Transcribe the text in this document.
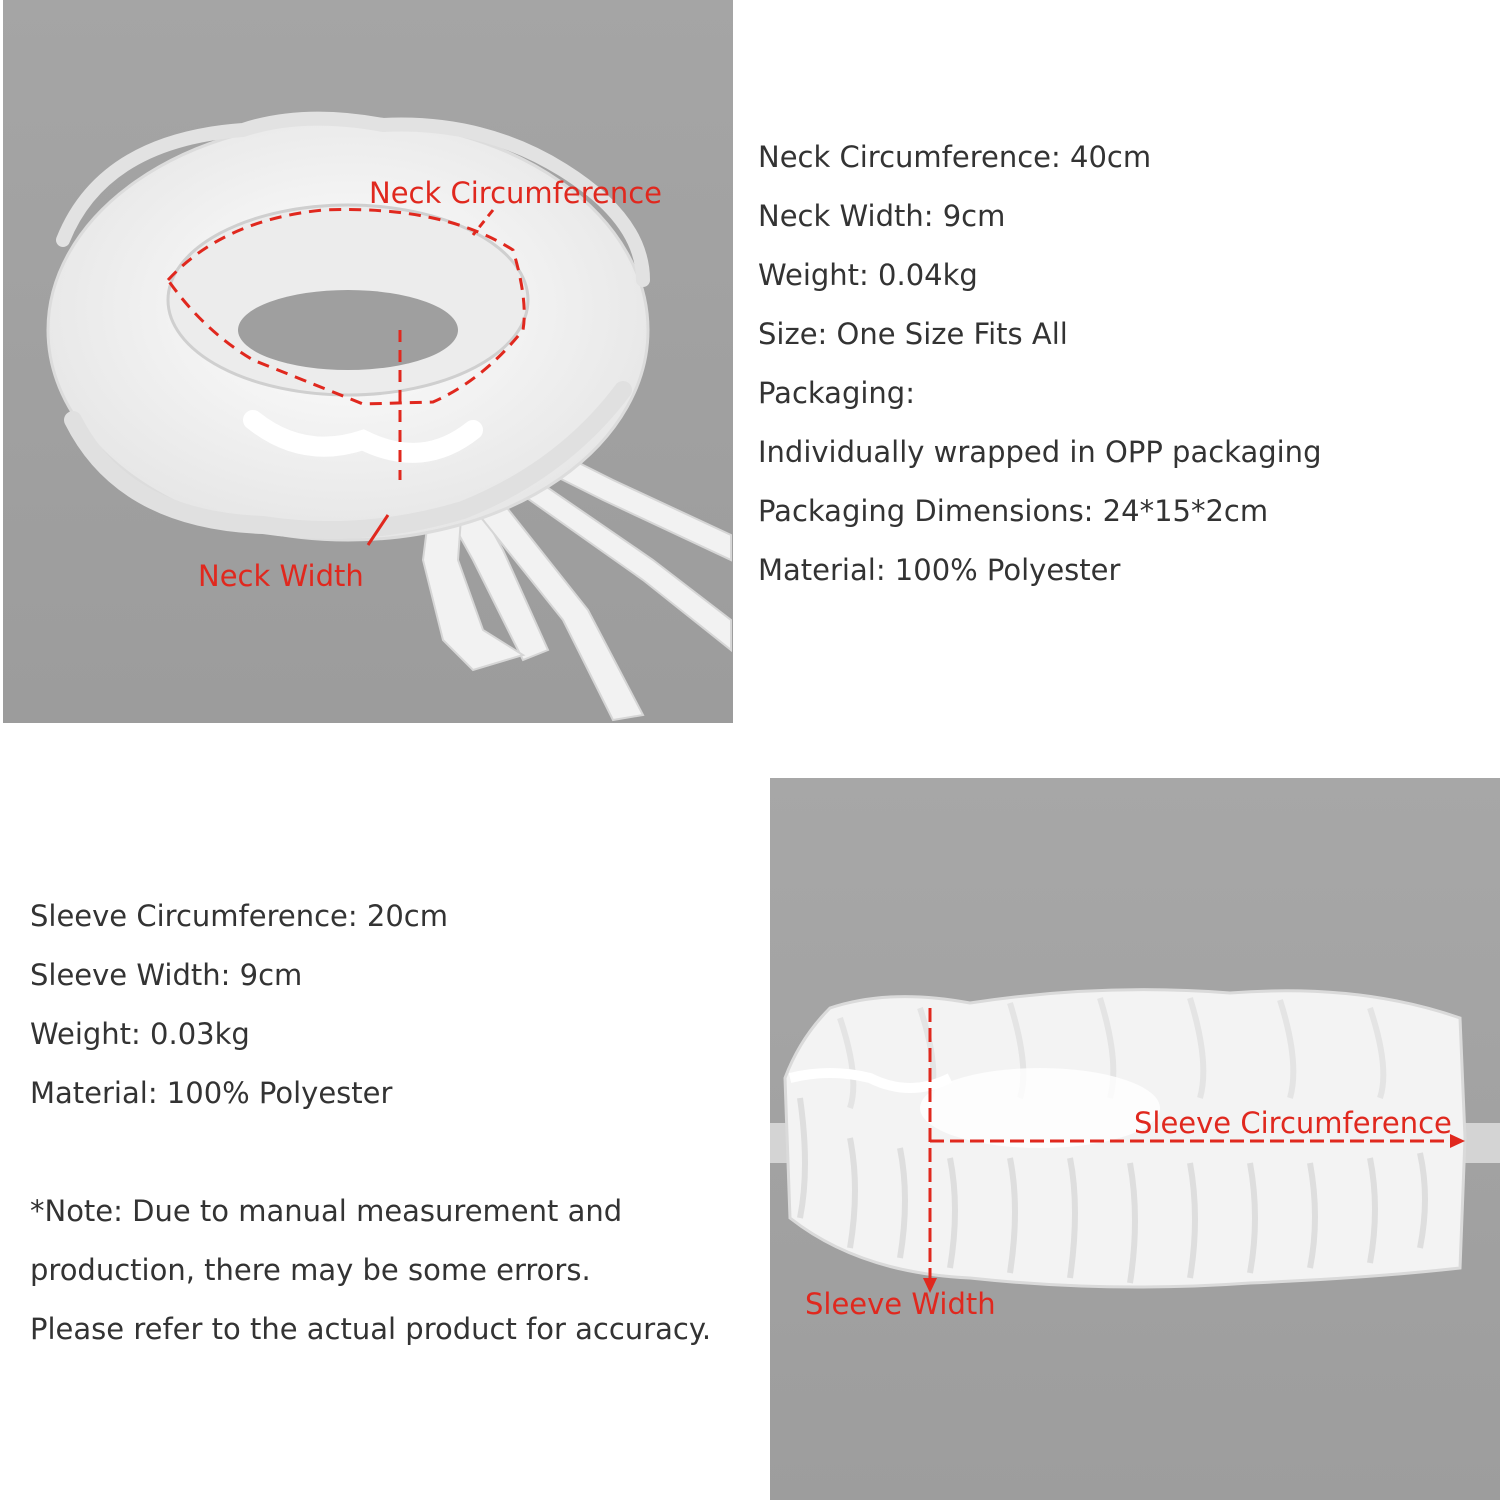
Neck Circumference
Neck Width
Neck Circumference: 40cm
Neck Width: 9cm
Weight: 0.04kg
Size: One Size Fits All
Packaging:
Individually wrapped in OPP packaging
Packaging Dimensions: 24*15*2cm
Material: 100% Polyester
Sleeve Circumference: 20cm
Sleeve Width: 9cm
Weight: 0.03kg
Material: 100% Polyester
*Note: Due to manual measurement and
production, there may be some errors.
Please refer to the actual product for accuracy.
Sleeve Circumference
Sleeve Width
